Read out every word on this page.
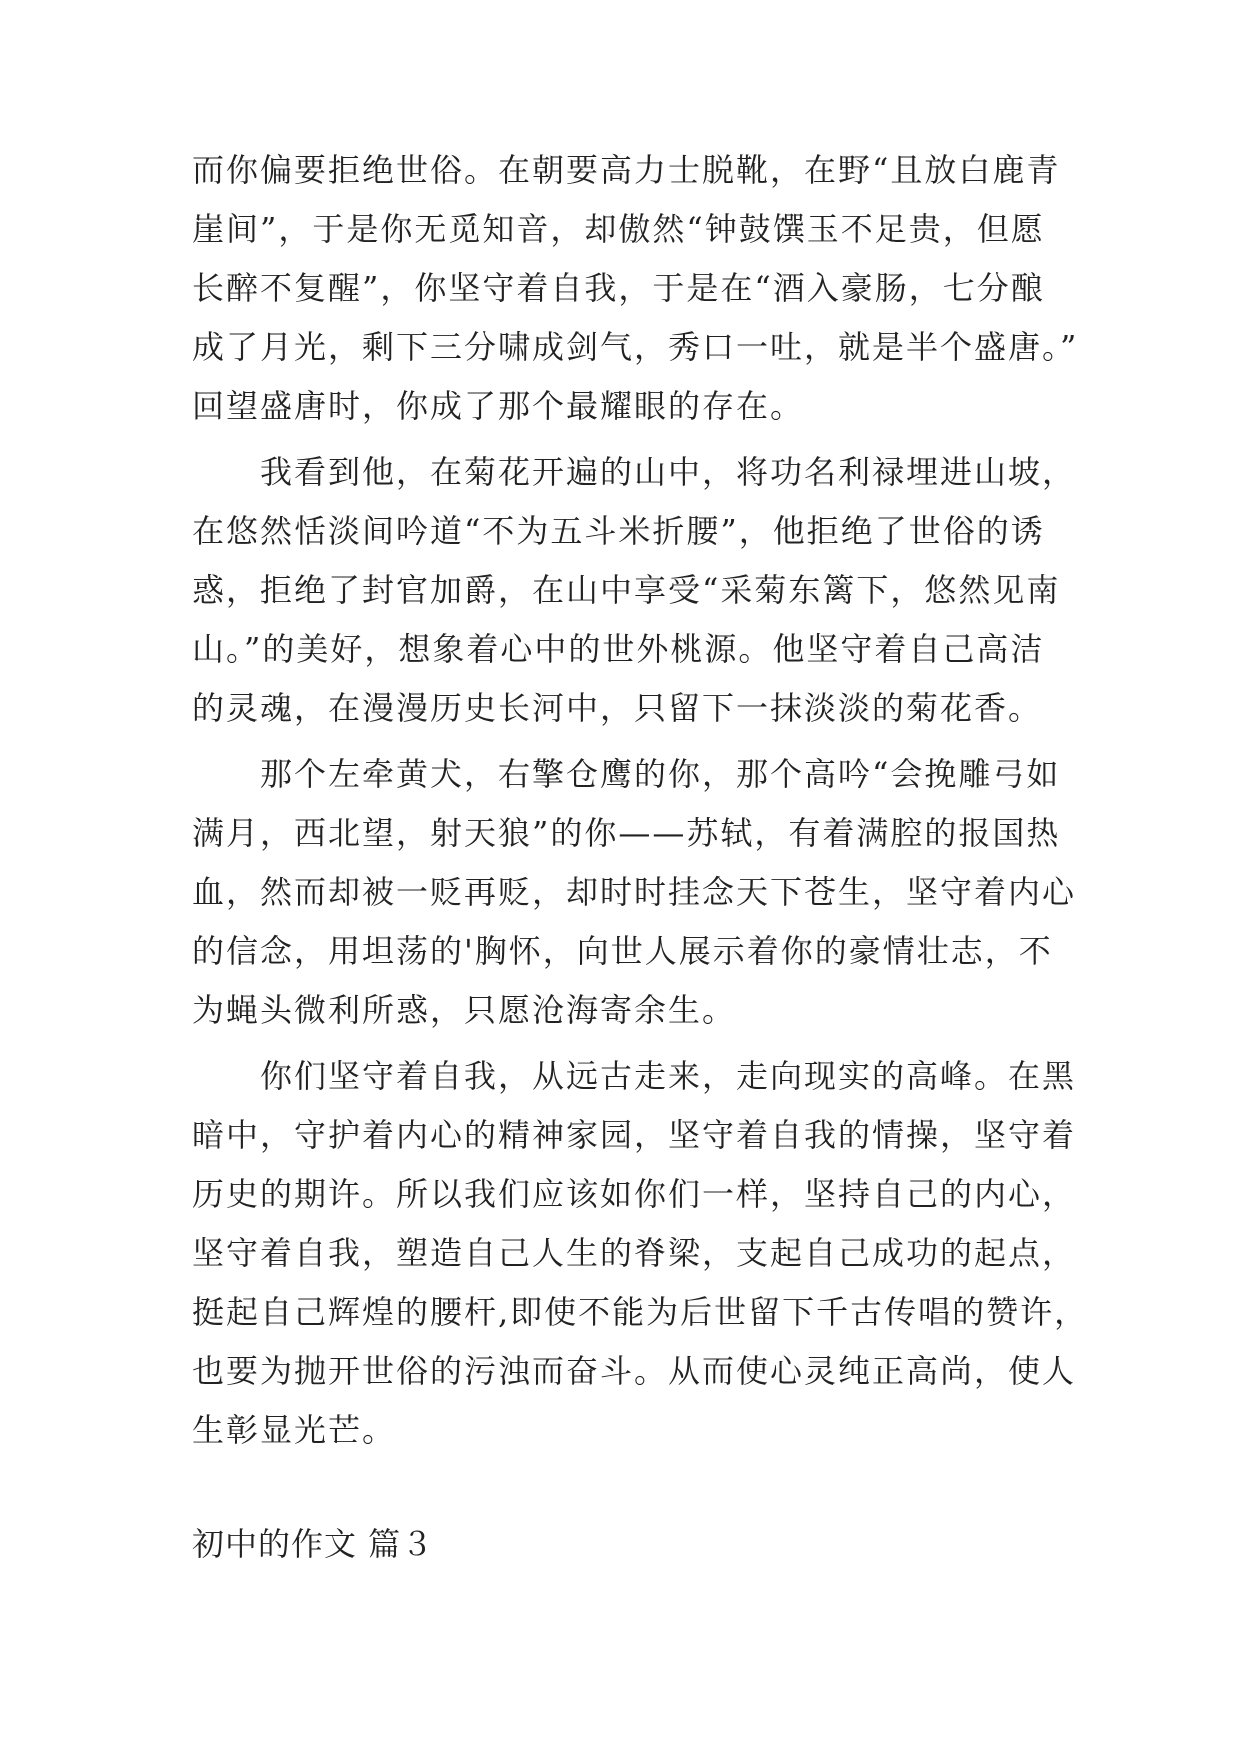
而你偏要拒绝世俗。在朝要高力士脱靴，在野“且放白鹿青
崖间”，于是你无觅知音，却傲然“钟鼓馔玉不足贵，但愿
长醉不复醒”，你坚守着自我，于是在“酒入豪肠，七分酿
成了月光，剩下三分啸成剑气，秀口一吐，就是半个盛唐。”
回望盛唐时，你成了那个最耀眼的存在。
　　我看到他，在菊花开遍的山中，将功名利禄埋进山坡，
在悠然恬淡间吟道“不为五斗米折腰”，他拒绝了世俗的诱
惑，拒绝了封官加爵，在山中享受“采菊东篱下，悠然见南
山。”的美好，想象着心中的世外桃源。他坚守着自己高洁
的灵魂，在漫漫历史长河中，只留下一抹淡淡的菊花香。
　　那个左牵黄犬，右擎仓鹰的你，那个高吟“会挽雕弓如
满月，西北望，射天狼”的你——苏轼，有着满腔的报国热
血，然而却被一贬再贬，却时时挂念天下苍生，坚守着内心
的信念，用坦荡的'胸怀，向世人展示着你的豪情壮志，不
为蝇头微利所惑，只愿沧海寄余生。
　　你们坚守着自我，从远古走来，走向现实的高峰。在黑
暗中，守护着内心的精神家园，坚守着自我的情操，坚守着
历史的期许。所以我们应该如你们一样，坚持自己的内心，
坚守着自我，塑造自己人生的脊梁，支起自己成功的起点，
挺起自己辉煌的腰杆,即使不能为后世留下千古传唱的赞许，
也要为抛开世俗的污浊而奋斗。从而使心灵纯正高尚，使人
生彰显光芒。
初中的作文 篇３
